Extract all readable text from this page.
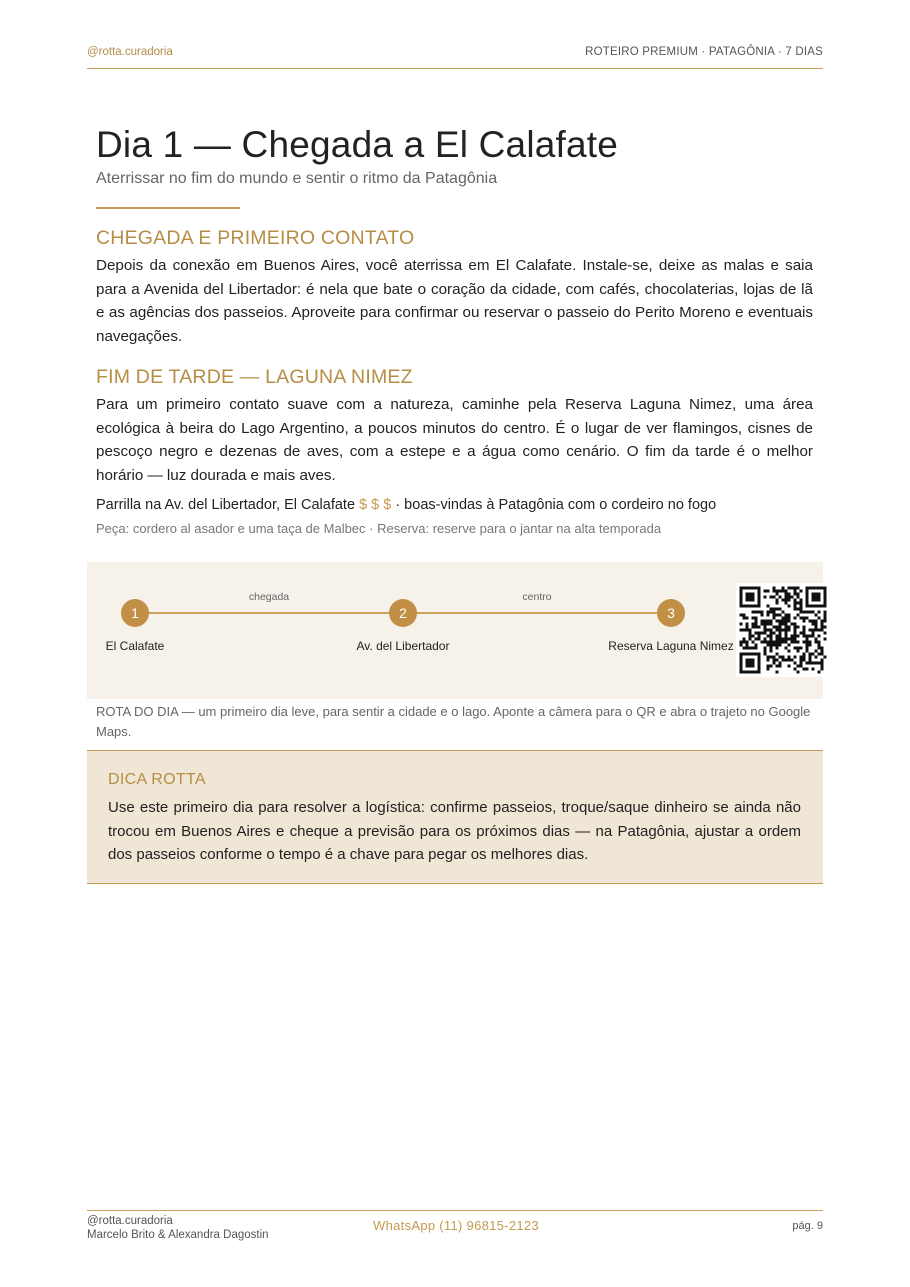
@rotta.curadoria	ROTEIRO PREMIUM · PATAGÔNIA · 7 DIAS
Dia 1 — Chegada a El Calafate
Aterrissar no fim do mundo e sentir o ritmo da Patagônia
CHEGADA E PRIMEIRO CONTATO

Depois da conexão em Buenos Aires, você aterrissa em El Calafate. Instale-se, deixe as malas e saia para a Avenida del Libertador: é nela que bate o coração da cidade, com cafés, chocolaterias, lojas de lã e as agências dos passeios. Aproveite para confirmar ou reservar o passeio do Perito Moreno e eventuais navegações.

FIM DE TARDE — LAGUNA NIMEZ

Para um primeiro contato suave com a natureza, caminhe pela Reserva Laguna Nimez, uma área ecológica à beira do Lago Argentino, a poucos minutos do centro. É o lugar de ver flamingos, cisnes de pescoço negro e dezenas de aves, com a estepe e a água como cenário. O fim da tarde é o melhor horário — luz dourada e mais aves.

Parrilla na Av. del Libertador, El Calafate $ $ $ · boas-vindas à Patagônia com o cordeiro no fogo
Peça: cordero al asador e uma taça de Malbec · Reserva: reserve para o jantar na alta temporada
chegada	centro
1	2	3
El Calafate	Av. del Libertador	Reserva Laguna Nimez
ROTA DO DIA — um primeiro dia leve, para sentir a cidade e o lago. Aponte a câmera para o QR e abra o trajeto no Google Maps.
DICA ROTTA

Use este primeiro dia para resolver a logística: confirme passeios, troque/saque dinheiro se ainda não trocou em Buenos Aires e cheque a previsão para os próximos dias — na Patagônia, ajustar a ordem dos passeios conforme o tempo é a chave para pegar os melhores dias.

@rotta.curadoria
Marcelo Brito & Alexandra Dagostin
WhatsApp (11) 96815-2123	pág. 9
